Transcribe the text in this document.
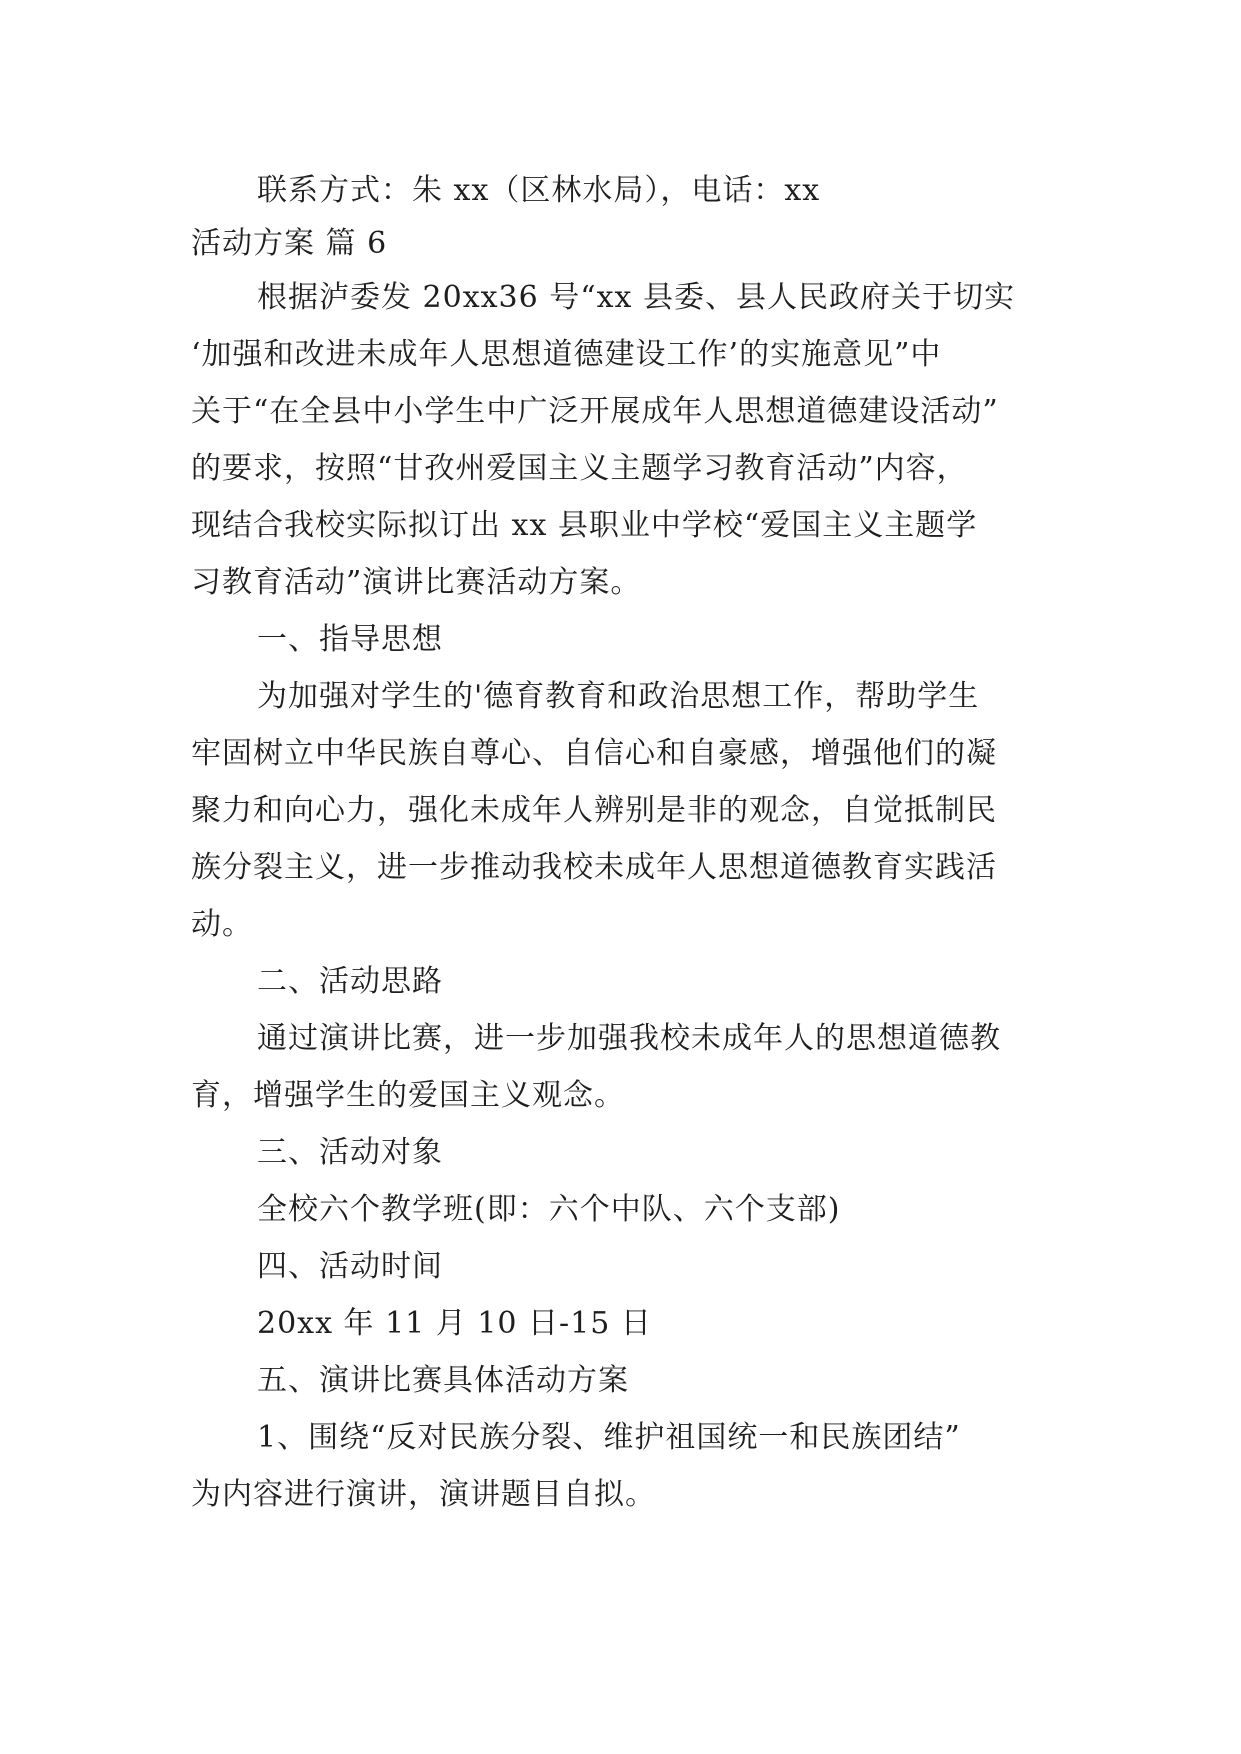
联系方式：朱 xx（区林水局），电话：xx
活动方案 篇 6
根据泸委发 20xx36 号“xx 县委、县人民政府关于切实
‘加强和改进未成年人思想道德建设工作’的实施意见”中
关于“在全县中小学生中广泛开展成年人思想道德建设活动”
的要求，按照“甘孜州爱国主义主题学习教育活动”内容，
现结合我校实际拟订出 xx 县职业中学校“爱国主义主题学
习教育活动”演讲比赛活动方案。
一、指导思想
为加强对学生的'德育教育和政治思想工作，帮助学生
牢固树立中华民族自尊心、自信心和自豪感，增强他们的凝
聚力和向心力，强化未成年人辨别是非的观念，自觉抵制民
族分裂主义，进一步推动我校未成年人思想道德教育实践活
动。
二、活动思路
通过演讲比赛，进一步加强我校未成年人的思想道德教
育，增强学生的爱国主义观念。
三、活动对象
全校六个教学班(即：六个中队、六个支部)
四、活动时间
20xx 年 11 月 10 日-15 日
五、演讲比赛具体活动方案
1、围绕“反对民族分裂、维护祖国统一和民族团结”
为内容进行演讲，演讲题目自拟。
